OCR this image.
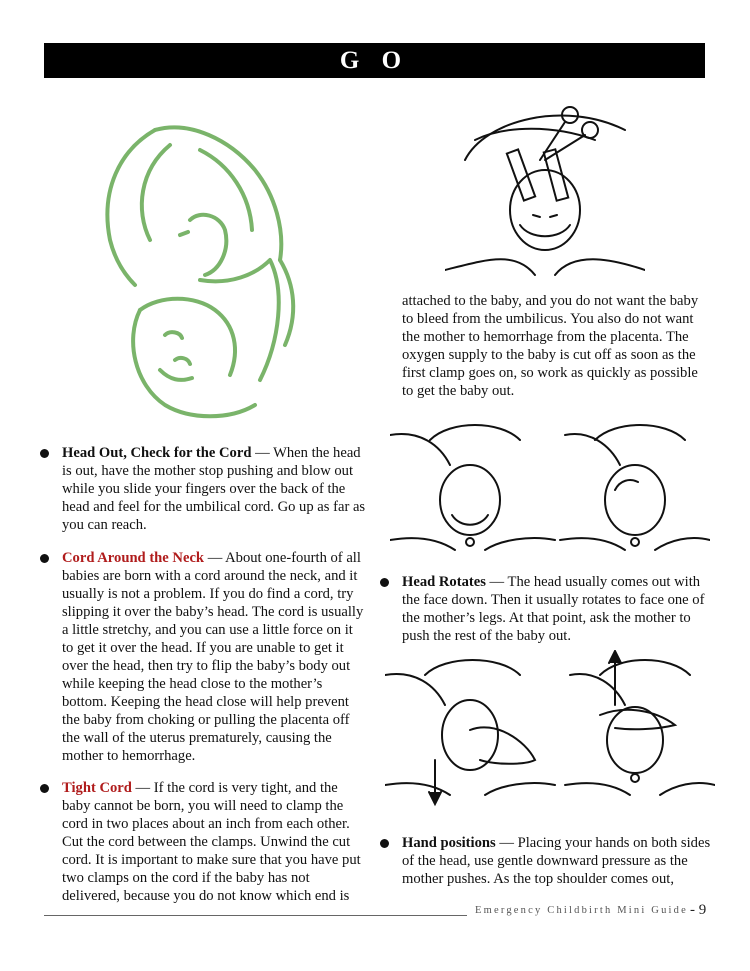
G O
Head Out, Check for the Cord — When the head is out, have the mother stop pushing and blow out while you slide your fingers over the back of the head and feel for the umbilical cord. Go up as far as you can reach.
Cord Around the Neck — About one-fourth of all babies are born with a cord around the neck, and it usually is not a problem. If you do find a cord, try slipping it over the baby’s head. The cord is usually a little stretchy, and you can use a little force on it to get it over the head. If you are unable to get it over the head, then try to flip the baby’s body out while keeping the head close to the mother’s bottom. Keeping the head close will help prevent the baby from choking or pulling the placenta off the wall of the uterus prematurely, causing the mother to hemorrhage.
Tight Cord — If the cord is very tight, and the baby cannot be born, you will need to clamp the cord in two places about an inch from each other. Cut the cord between the clamps. Unwind the cut cord. It is important to make sure that you have put two clamps on the cord if the baby has not delivered, because you do not know which end is
attached to the baby, and you do not want the baby to bleed from the umbilicus. You also do not want the mother to hemorrhage from the placenta. The oxygen supply to the baby is cut off as soon as the first clamp goes on, so work as quickly as possible to get the baby out.
Head Rotates — The head usually comes out with the face down. Then it usually rotates to face one of the mother’s legs. At that point, ask the mother to push the rest of the baby out.
Hand positions — Placing your hands on both sides of the head, use gentle downward pressure as the mother pushes. As the top shoulder comes out,
Emergency Childbirth Mini Guide - 9
